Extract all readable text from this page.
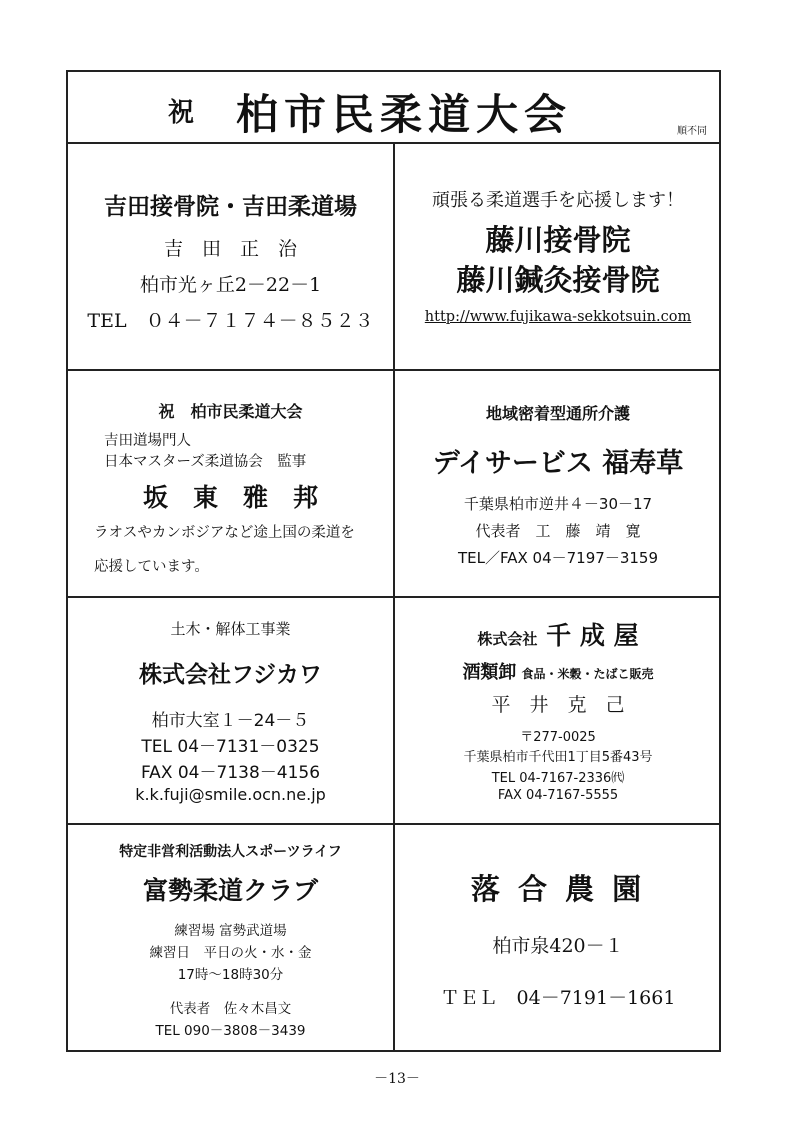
祝 柏市民柔道大会	順不同
吉田接骨院・吉田柔道場
吉　田　正　治
柏市光ヶ丘2－22－1
TEL　０４－７１７４－８５２３
頑張る柔道選手を応援します！
藤川接骨院
藤川鍼灸接骨院
http://www.fujikawa-sekkotsuin.com
祝　柏市民柔道大会
吉田道場門人
日本マスターズ柔道協会　監事
坂　東　雅　邦
ラオスやカンボジアなど途上国の柔道を
応援しています。
地域密着型通所介護
デイサービス 福寿草
千葉県柏市逆井４－30－17
代表者　工　藤　靖　寛
TEL／FAX 04－7197－3159
土木・解体工事業
株式会社フジカワ
柏市大室１－24－５
TEL 04－7131－0325
FAX 04－7138－4156
k.k.fuji@smile.ocn.ne.jp
株式会社 千 成 屋
酒類卸 食品・米穀・たばこ販売
平　井　克　己
〒277-0025
千葉県柏市千代田1丁目5番43号
TEL 04-7167-2336㈹
FAX 04-7167-5555
特定非営利活動法人スポーツライフ
富勢柔道クラブ
練習場 富勢武道場
練習日　平日の火・水・金
17時～18時30分
代表者　佐々木昌文
TEL 090－3808－3439
落 合 農 園
柏市泉420－１
ＴＥＬ　04－7191－1661
－13－
